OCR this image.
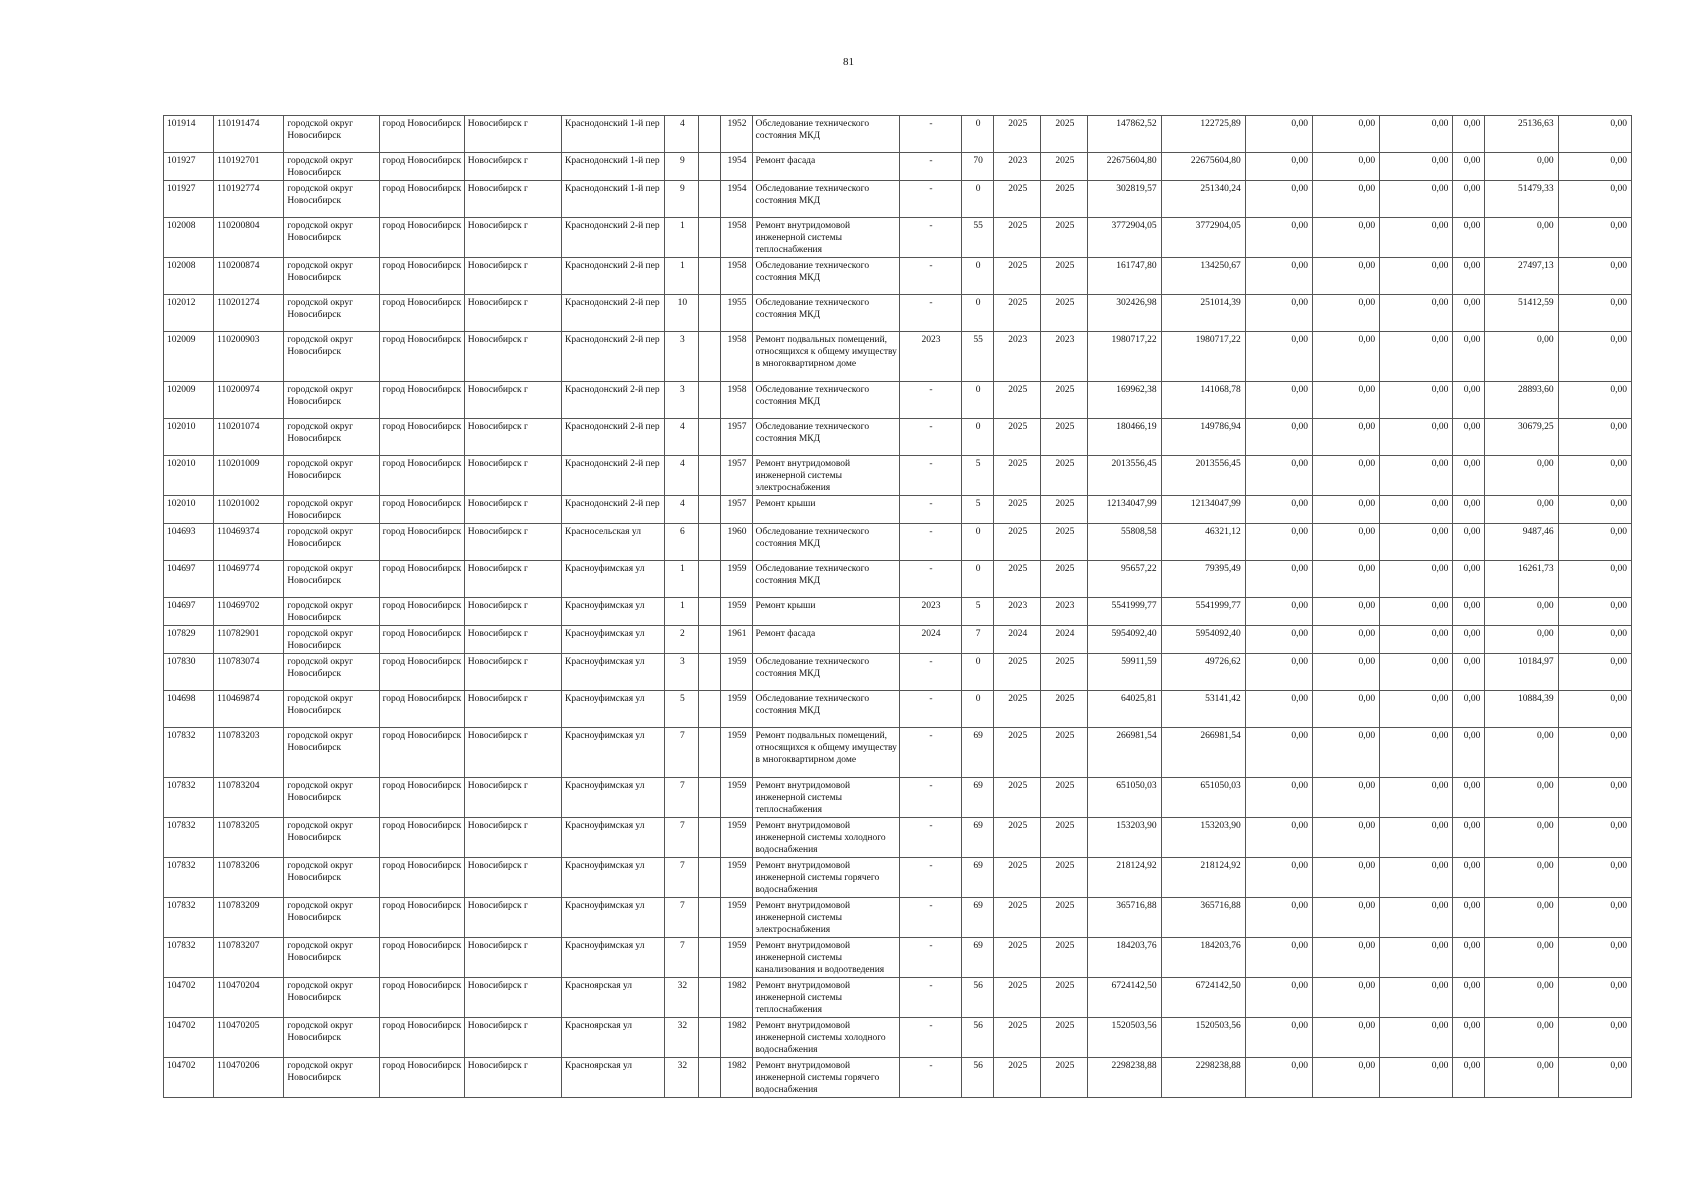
81
101914	110191474	городской округ Новосибирск	город Новосибирск	Новосибирск г	Краснодонский 1-й пер	4		1952	Обследование технического состояния МКД	-	0	2025	2025	147862,52	122725,89	0,00	0,00	0,00	0,00	25136,63	0,00
101927	110192701	городской округ Новосибирск	город Новосибирск	Новосибирск г	Краснодонский 1-й пер	9		1954	Ремонт фасада	-	70	2023	2025	22675604,80	22675604,80	0,00	0,00	0,00	0,00	0,00	0,00
101927	110192774	городской округ Новосибирск	город Новосибирск	Новосибирск г	Краснодонский 1-й пер	9		1954	Обследование технического состояния МКД	-	0	2025	2025	302819,57	251340,24	0,00	0,00	0,00	0,00	51479,33	0,00
102008	110200804	городской округ Новосибирск	город Новосибирск	Новосибирск г	Краснодонский 2-й пер	1		1958	Ремонт внутридомовой инженерной системы теплоснабжения	-	55	2025	2025	3772904,05	3772904,05	0,00	0,00	0,00	0,00	0,00	0,00
102008	110200874	городской округ Новосибирск	город Новосибирск	Новосибирск г	Краснодонский 2-й пер	1		1958	Обследование технического состояния МКД	-	0	2025	2025	161747,80	134250,67	0,00	0,00	0,00	0,00	27497,13	0,00
102012	110201274	городской округ Новосибирск	город Новосибирск	Новосибирск г	Краснодонский 2-й пер	10		1955	Обследование технического состояния МКД	-	0	2025	2025	302426,98	251014,39	0,00	0,00	0,00	0,00	51412,59	0,00
102009	110200903	городской округ Новосибирск	город Новосибирск	Новосибирск г	Краснодонский 2-й пер	3		1958	Ремонт подвальных помещений, относящихся к общему имуществу в многоквартирном доме	2023	55	2023	2023	1980717,22	1980717,22	0,00	0,00	0,00	0,00	0,00	0,00
102009	110200974	городской округ Новосибирск	город Новосибирск	Новосибирск г	Краснодонский 2-й пер	3		1958	Обследование технического состояния МКД	-	0	2025	2025	169962,38	141068,78	0,00	0,00	0,00	0,00	28893,60	0,00
102010	110201074	городской округ Новосибирск	город Новосибирск	Новосибирск г	Краснодонский 2-й пер	4		1957	Обследование технического состояния МКД	-	0	2025	2025	180466,19	149786,94	0,00	0,00	0,00	0,00	30679,25	0,00
102010	110201009	городской округ Новосибирск	город Новосибирск	Новосибирск г	Краснодонский 2-й пер	4		1957	Ремонт внутридомовой инженерной системы электроснабжения	-	5	2025	2025	2013556,45	2013556,45	0,00	0,00	0,00	0,00	0,00	0,00
102010	110201002	городской округ Новосибирск	город Новосибирск	Новосибирск г	Краснодонский 2-й пер	4		1957	Ремонт крыши	-	5	2025	2025	12134047,99	12134047,99	0,00	0,00	0,00	0,00	0,00	0,00
104693	110469374	городской округ Новосибирск	город Новосибирск	Новосибирск г	Красносельская ул	6		1960	Обследование технического состояния МКД	-	0	2025	2025	55808,58	46321,12	0,00	0,00	0,00	0,00	9487,46	0,00
104697	110469774	городской округ Новосибирск	город Новосибирск	Новосибирск г	Красноуфимская ул	1		1959	Обследование технического состояния МКД	-	0	2025	2025	95657,22	79395,49	0,00	0,00	0,00	0,00	16261,73	0,00
104697	110469702	городской округ Новосибирск	город Новосибирск	Новосибирск г	Красноуфимская ул	1		1959	Ремонт крыши	2023	5	2023	2023	5541999,77	5541999,77	0,00	0,00	0,00	0,00	0,00	0,00
107829	110782901	городской округ Новосибирск	город Новосибирск	Новосибирск г	Красноуфимская ул	2		1961	Ремонт фасада	2024	7	2024	2024	5954092,40	5954092,40	0,00	0,00	0,00	0,00	0,00	0,00
107830	110783074	городской округ Новосибирск	город Новосибирск	Новосибирск г	Красноуфимская ул	3		1959	Обследование технического состояния МКД	-	0	2025	2025	59911,59	49726,62	0,00	0,00	0,00	0,00	10184,97	0,00
104698	110469874	городской округ Новосибирск	город Новосибирск	Новосибирск г	Красноуфимская ул	5		1959	Обследование технического состояния МКД	-	0	2025	2025	64025,81	53141,42	0,00	0,00	0,00	0,00	10884,39	0,00
107832	110783203	городской округ Новосибирск	город Новосибирск	Новосибирск г	Красноуфимская ул	7		1959	Ремонт подвальных помещений, относящихся к общему имуществу в многоквартирном доме	-	69	2025	2025	266981,54	266981,54	0,00	0,00	0,00	0,00	0,00	0,00
107832	110783204	городской округ Новосибирск	город Новосибирск	Новосибирск г	Красноуфимская ул	7		1959	Ремонт внутридомовой инженерной системы теплоснабжения	-	69	2025	2025	651050,03	651050,03	0,00	0,00	0,00	0,00	0,00	0,00
107832	110783205	городской округ Новосибирск	город Новосибирск	Новосибирск г	Красноуфимская ул	7		1959	Ремонт внутридомовой инженерной системы холодного водоснабжения	-	69	2025	2025	153203,90	153203,90	0,00	0,00	0,00	0,00	0,00	0,00
107832	110783206	городской округ Новосибирск	город Новосибирск	Новосибирск г	Красноуфимская ул	7		1959	Ремонт внутридомовой инженерной системы горячего водоснабжения	-	69	2025	2025	218124,92	218124,92	0,00	0,00	0,00	0,00	0,00	0,00
107832	110783209	городской округ Новосибирск	город Новосибирск	Новосибирск г	Красноуфимская ул	7		1959	Ремонт внутридомовой инженерной системы электроснабжения	-	69	2025	2025	365716,88	365716,88	0,00	0,00	0,00	0,00	0,00	0,00
107832	110783207	городской округ Новосибирск	город Новосибирск	Новосибирск г	Красноуфимская ул	7		1959	Ремонт внутридомовой инженерной системы канализования и водоотведения	-	69	2025	2025	184203,76	184203,76	0,00	0,00	0,00	0,00	0,00	0,00
104702	110470204	городской округ Новосибирск	город Новосибирск	Новосибирск г	Красноярская ул	32		1982	Ремонт внутридомовой инженерной системы теплоснабжения	-	56	2025	2025	6724142,50	6724142,50	0,00	0,00	0,00	0,00	0,00	0,00
104702	110470205	городской округ Новосибирск	город Новосибирск	Новосибирск г	Красноярская ул	32		1982	Ремонт внутридомовой инженерной системы холодного водоснабжения	-	56	2025	2025	1520503,56	1520503,56	0,00	0,00	0,00	0,00	0,00	0,00
104702	110470206	городской округ Новосибирск	город Новосибирск	Новосибирск г	Красноярская ул	32		1982	Ремонт внутридомовой инженерной системы горячего водоснабжения	-	56	2025	2025	2298238,88	2298238,88	0,00	0,00	0,00	0,00	0,00	0,00
